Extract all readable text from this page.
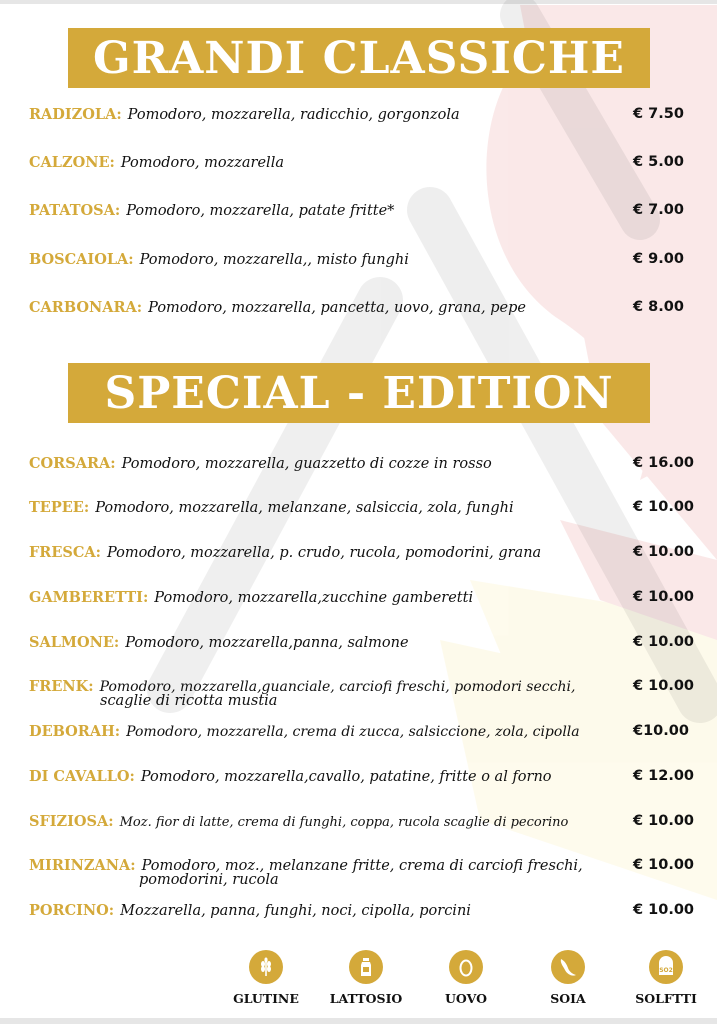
GRANDI CLASSICHE
RADIZOLA: Pomodoro, mozzarella, radicchio, gorgonzola	€ 7.50
CALZONE: Pomodoro, mozzarella	€ 5.00
PATATOSA: Pomodoro, mozzarella, patate fritte*	€ 7.00
BOSCAIOLA: Pomodoro, mozzarella,, misto funghi	€ 9.00
CARBONARA: Pomodoro, mozzarella, pancetta, uovo, grana, pepe	€ 8.00
SPECIAL - EDITION
CORSARA: Pomodoro, mozzarella, guazzetto di cozze in rosso	€ 16.00
TEPEE: Pomodoro, mozzarella, melanzane, salsiccia, zola, funghi	€ 10.00
FRESCA: Pomodoro, mozzarella, p. crudo, rucola, pomodorini, grana	€ 10.00
GAMBERETTI: Pomodoro, mozzarella,zucchine gamberetti	€ 10.00
SALMONE: Pomodoro, mozzarella,panna, salmone	€ 10.00
FRENK: Pomodoro, mozzarella,guanciale, carciofi freschi, pomodori secchi,
scaglie di ricotta mustia
€ 10.00
DEBORAH: Pomodoro, mozzarella, crema di zucca, salsiccione, zola, cipolla	€10.00
DI CAVALLO: Pomodoro, mozzarella,cavallo, patatine, fritte o al forno	€ 12.00
SFIZIOSA: Moz. fior di latte, crema di funghi, coppa, rucola scaglie di pecorino	€ 10.00
MIRINZANA: Pomodoro, moz., melanzane fritte, crema di carciofi freschi,
pomodorini, rucola
€ 10.00
PORCINO: Mozzarella, panna, funghi, noci, cipolla, porcini	€ 10.00
GLUTINE	LATTOSIO	UOVO	SOIA
SO2
SOLFTTI
